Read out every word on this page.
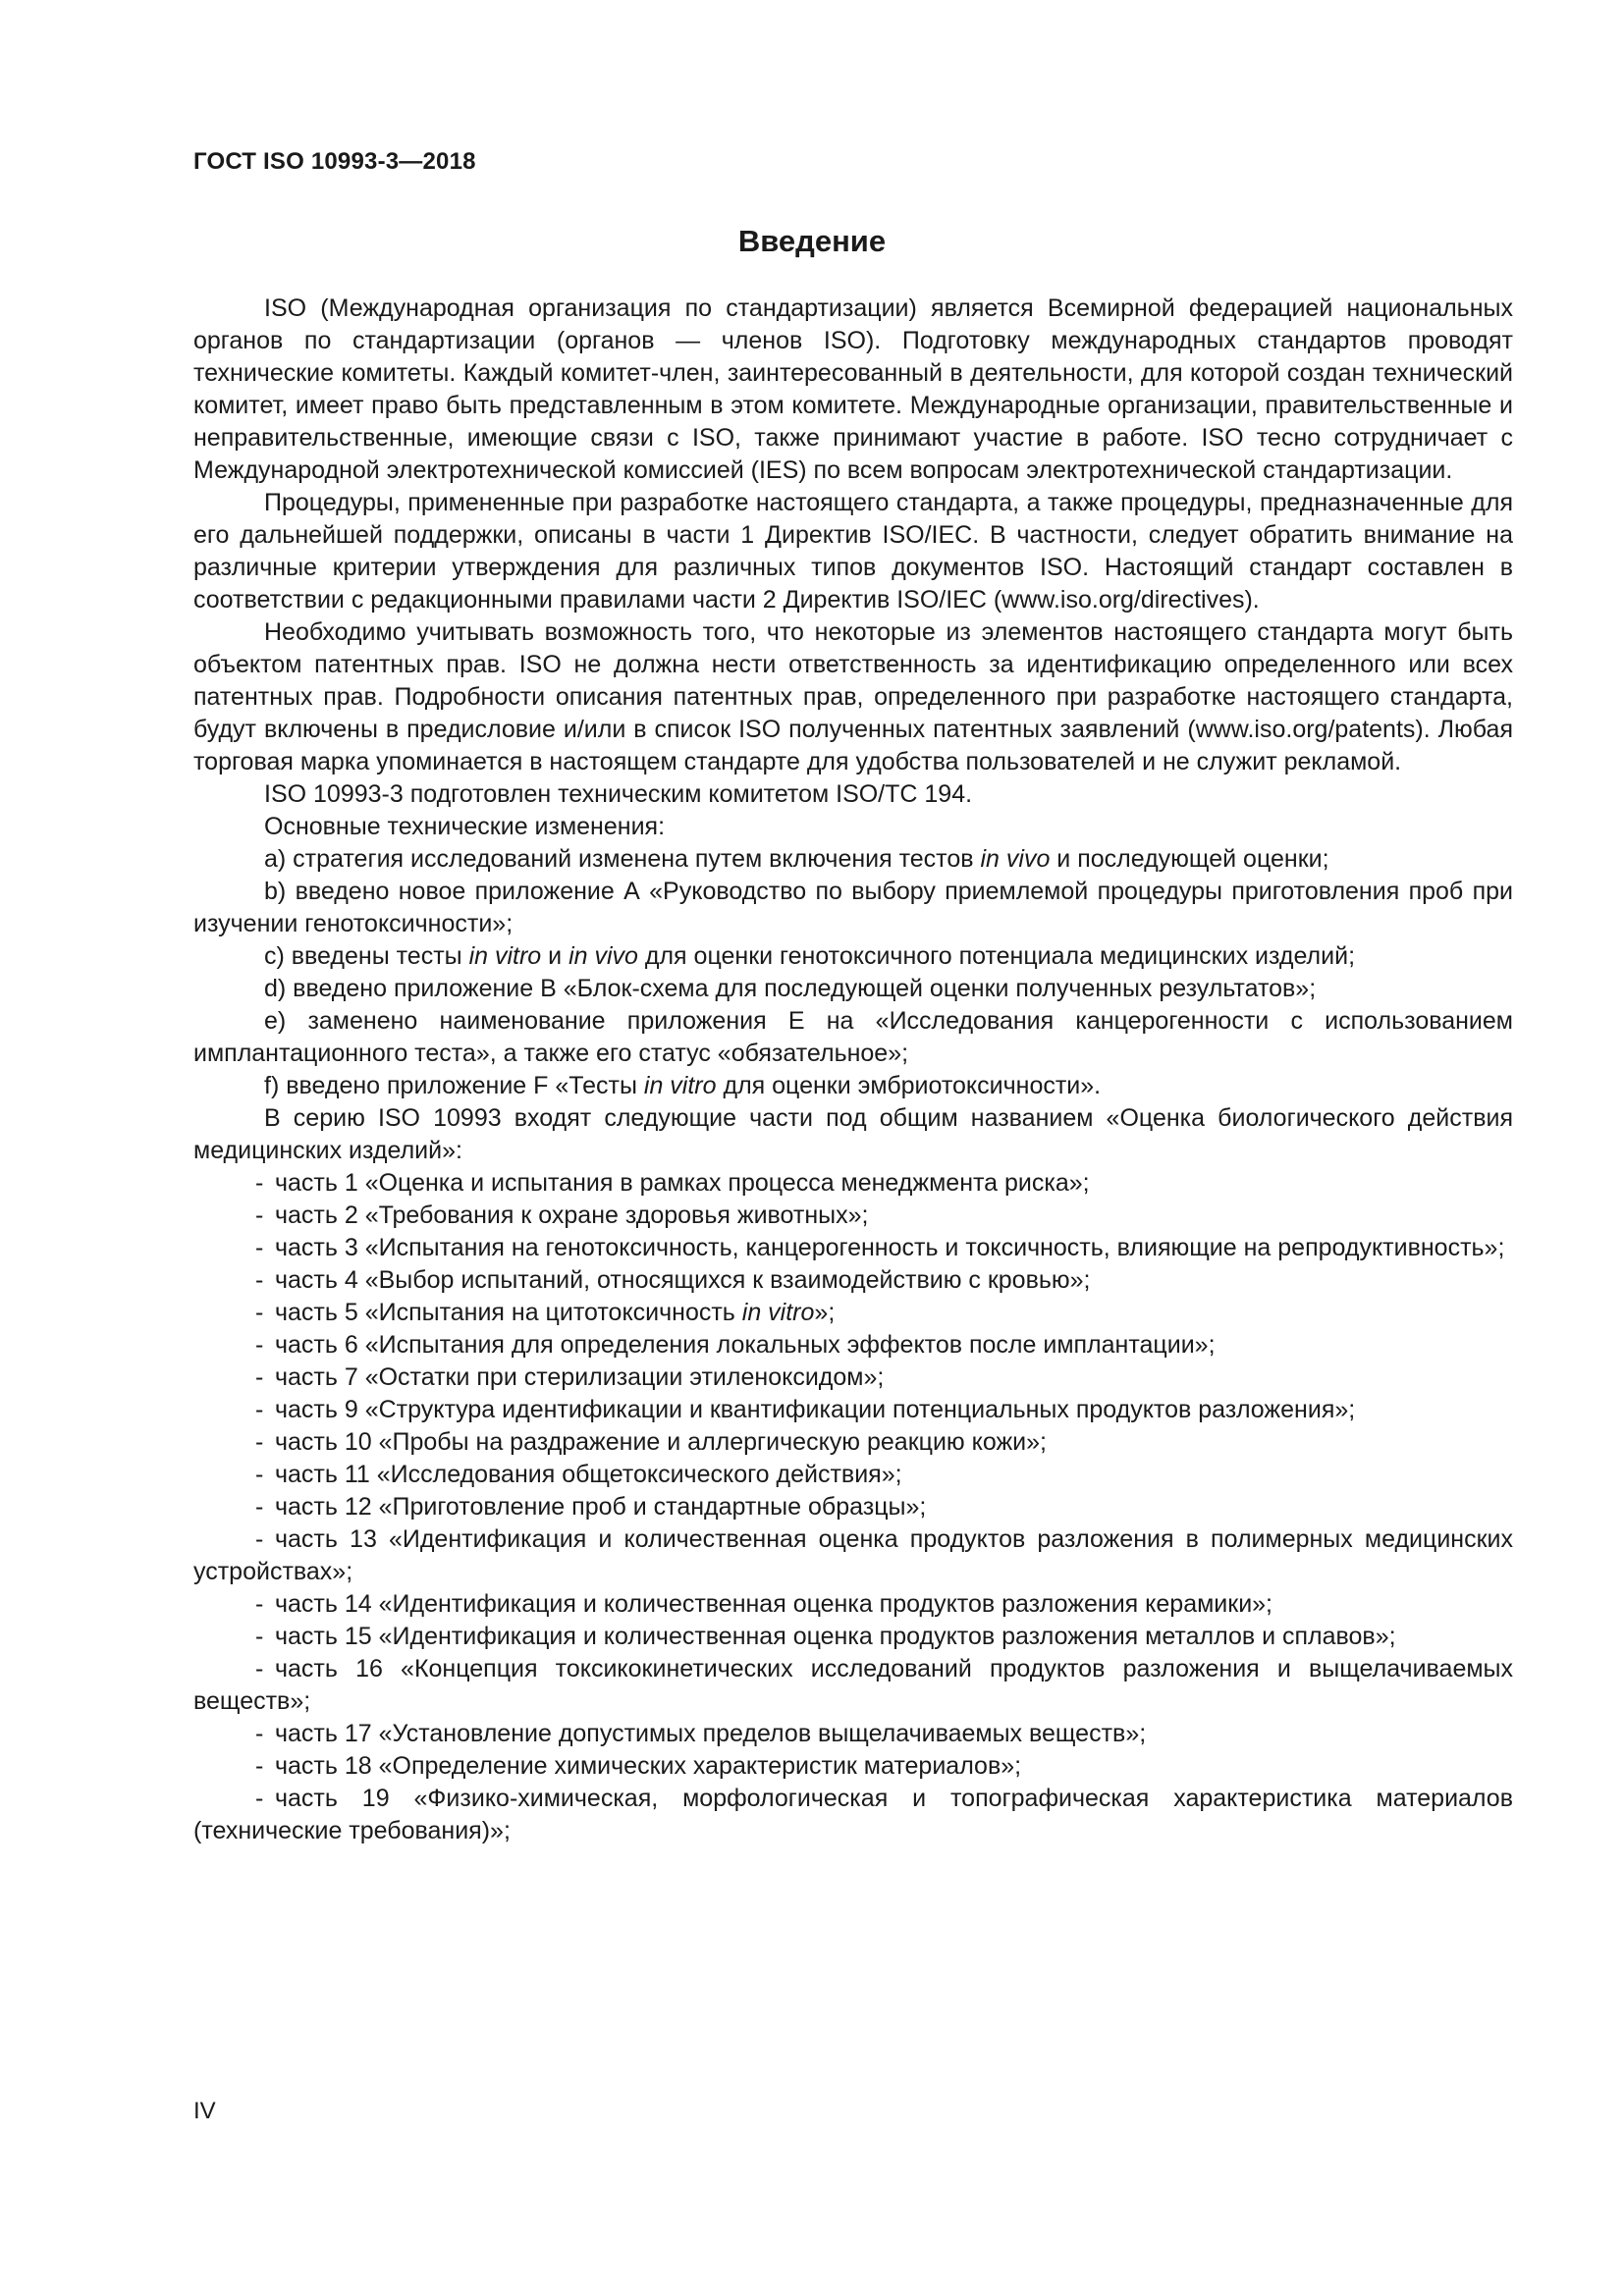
ГОСТ ISO 10993-3—2018
Введение

ISO (Международная организация по стандартизации) является Всемирной федерацией национальных органов по стандартизации (органов — членов ISO). Подготовку международных стандартов проводят технические комитеты. Каждый комитет-член, заинтересованный в деятельности, для которой создан технический комитет, имеет право быть представленным в этом комитете. Международные организации, правительственные и неправительственные, имеющие связи с ISO, также принимают участие в работе. ISO тесно сотрудничает с Международной электротехнической комиссией (IES) по всем вопросам электротехнической стандартизации.

Процедуры, примененные при разработке настоящего стандарта, а также процедуры, предназначенные для его дальнейшей поддержки, описаны в части 1 Директив ISO/IEC. В частности, следует обратить внимание на различные критерии утверждения для различных типов документов ISO. Настоящий стандарт составлен в соответствии с редакционными правилами части 2 Директив ISO/IEC (www.iso.org/directives).

Необходимо учитывать возможность того, что некоторые из элементов настоящего стандарта могут быть объектом патентных прав. ISO не должна нести ответственность за идентификацию определенного или всех патентных прав. Подробности описания патентных прав, определенного при разработке настоящего стандарта, будут включены в предисловие и/или в список ISO полученных патентных заявлений (www.iso.org/patents). Любая торговая марка упоминается в настоящем стандарте для удобства пользователей и не служит рекламой.

ISO 10993-3 подготовлен техническим комитетом ISO/TC 194.

Основные технические изменения:

a) стратегия исследований изменена путем включения тестов in vivo и последующей оценки;

b) введено новое приложение А «Руководство по выбору приемлемой процедуры приготовления проб при изучении генотоксичности»;

c) введены тесты in vitro и in vivo для оценки генотоксичного потенциала медицинских изделий;

d) введено приложение В «Блок-схема для последующей оценки полученных результатов»;

e) заменено наименование приложения Е на «Исследования канцерогенности с использованием имплантационного теста», а также его статус «обязательное»;

f) введено приложение F «Тесты in vitro для оценки эмбриотоксичности».

В серию ISO 10993 входят следующие части под общим названием «Оценка биологического действия медицинских изделий»:

- часть 1 «Оценка и испытания в рамках процесса менеджмента риска»;

- часть 2 «Требования к охране здоровья животных»;

- часть 3 «Испытания на генотоксичность, канцерогенность и токсичность, влияющие на репродуктивность»;

- часть 4 «Выбор испытаний, относящихся к взаимодействию с кровью»;

- часть 5 «Испытания на цитотоксичность in vitro»;

- часть 6 «Испытания для определения локальных эффектов после имплантации»;

- часть 7 «Остатки при стерилизации этиленоксидом»;

- часть 9 «Структура идентификации и квантификации потенциальных продуктов разложения»;

- часть 10 «Пробы на раздражение и аллергическую реакцию кожи»;

- часть 11 «Исследования общетоксического действия»;

- часть 12 «Приготовление проб и стандартные образцы»;

- часть 13 «Идентификация и количественная оценка продуктов разложения в полимерных медицинских устройствах»;

- часть 14 «Идентификация и количественная оценка продуктов разложения керамики»;

- часть 15 «Идентификация и количественная оценка продуктов разложения металлов и сплавов»;

- часть 16 «Концепция токсикокинетических исследований продуктов разложения и выщелачиваемых веществ»;

- часть 17 «Установление допустимых пределов выщелачиваемых веществ»;

- часть 18 «Определение химических характеристик материалов»;

- часть 19 «Физико-химическая, морфологическая и топографическая характеристика материалов (технические требования)»;

IV
